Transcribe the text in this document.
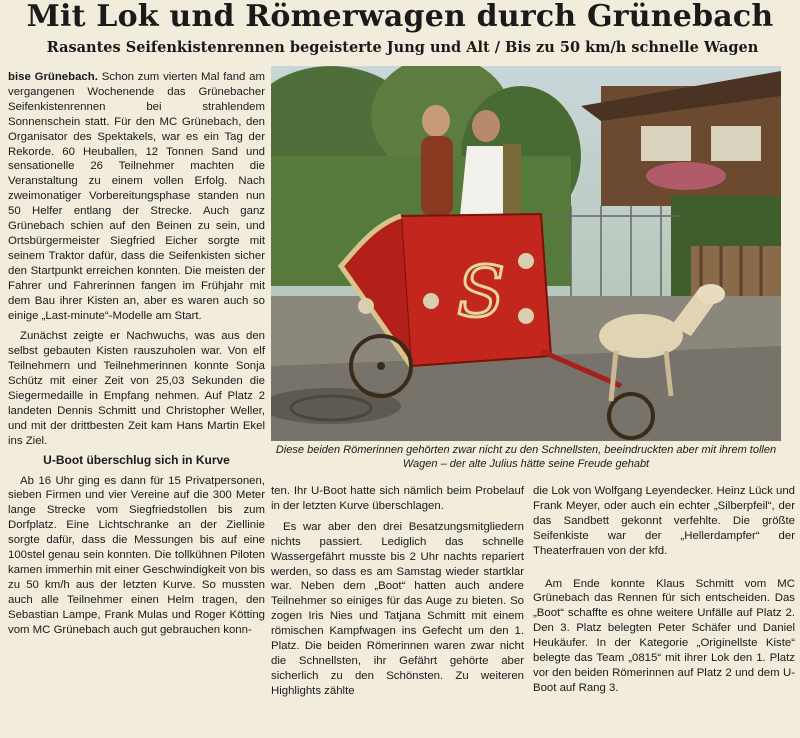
Mit Lok und Römerwagen durch Grünebach
Rasantes Seifenkistenrennen begeisterte Jung und Alt / Bis zu 50 km/h schnelle Wagen

bise Grünebach. Schon zum vierten Mal fand am vergangenen Wochenende das Grünebacher Seifenkistenrennen bei strahlendem Sonnenschein statt. Für den MC Grünebach, den Organisator des Spektakels, war es ein Tag der Rekorde. 60 Heuballen, 12 Tonnen Sand und sensationelle 26 Teilnehmer machten die Veranstaltung zu einem vollen Erfolg. Nach zweimonatiger Vorbereitungsphase standen nun 50 Helfer entlang der Strecke. Auch ganz Grünebach schien auf den Beinen zu sein, und Ortsbürgermeister Siegfried Eicher sorgte mit seinem Traktor dafür, dass die Seifenkisten sicher den Startpunkt erreichen konnten. Die meisten der Fahrer und Fahrerinnen fangen im Frühjahr mit dem Bau ihrer Kisten an, aber es waren auch so einige „Last-minute“-Modelle am Start.

Zunächst zeigte er Nachwuchs, was aus den selbst gebauten Kisten rauszuholen war. Von elf Teilnehmern und Teilnehmerinnen konnte Sonja Schütz mit einer Zeit von 25,03 Sekunden die Siegermedaille in Empfang nehmen. Auf Platz 2 landeten Dennis Schmitt und Christopher Weller, und mit der drittbesten Zeit kam Hans Martin Ekel ins Ziel.

U-Boot überschlug sich in Kurve

Ab 16 Uhr ging es dann für 15 Privatpersonen, sieben Firmen und vier Vereine auf die 300 Meter lange Strecke vom Siegfriedstollen bis zum Dorfplatz. Eine Lichtschranke an der Ziellinie sorgte dafür, dass die Messungen bis auf eine 100stel genau sein konnten. Die tollkühnen Piloten kamen immerhin mit einer Geschwindigkeit von bis zu 50 km/h aus der letzten Kurve. So mussten auch alle Teilnehmer einen Helm tragen, den Sebastian Lampe, Frank Mulas und Roger Kötting vom MC Grünebach auch gut gebrauchen konn-

S
Diese beiden Römerinnen gehörten zwar nicht zu den Schnellsten, beeindruckten aber mit ihrem tollen Wagen – der alte Julius hätte seine Freude gehabt

ten. Ihr U-Boot hatte sich nämlich beim Probelauf in der letzten Kurve überschlagen.

Es war aber den drei Besatzungsmitgliedern nichts passiert. Lediglich das schnelle Wassergefährt musste bis 2 Uhr nachts repariert werden, so dass es am Samstag wieder startklar war. Neben dem „Boot“ hatten auch andere Teilnehmer so einiges für das Auge zu bieten. So zogen Iris Nies und Tatjana Schmitt mit einem römischen Kampfwagen ins Gefecht um den 1. Platz. Die beiden Römerinnen waren zwar nicht die Schnellsten, ihr Gefährt gehörte aber sicherlich zu den Schönsten. Zu weiteren Highlights zählte

die Lok von Wolfgang Leyendecker. Heinz Lück und Frank Meyer, oder auch ein echter „Silberpfeil“, der das Sandbett gekonnt verfehlte. Die größte Seifenkiste war der „Hellerdampfer“ der Theaterfrauen von der kfd.

Am Ende konnte Klaus Schmitt vom MC Grünebach das Rennen für sich entscheiden. Das „Boot“ schaffte es ohne weitere Unfälle auf Platz 2. Den 3. Platz belegten Peter Schäfer und Daniel Heukäufer. In der Kategorie „Originellste Kiste“ belegte das Team „0815“ mit ihrer Lok den 1. Platz vor den beiden Römerinnen auf Platz 2 und dem U-Boot auf Rang 3.
